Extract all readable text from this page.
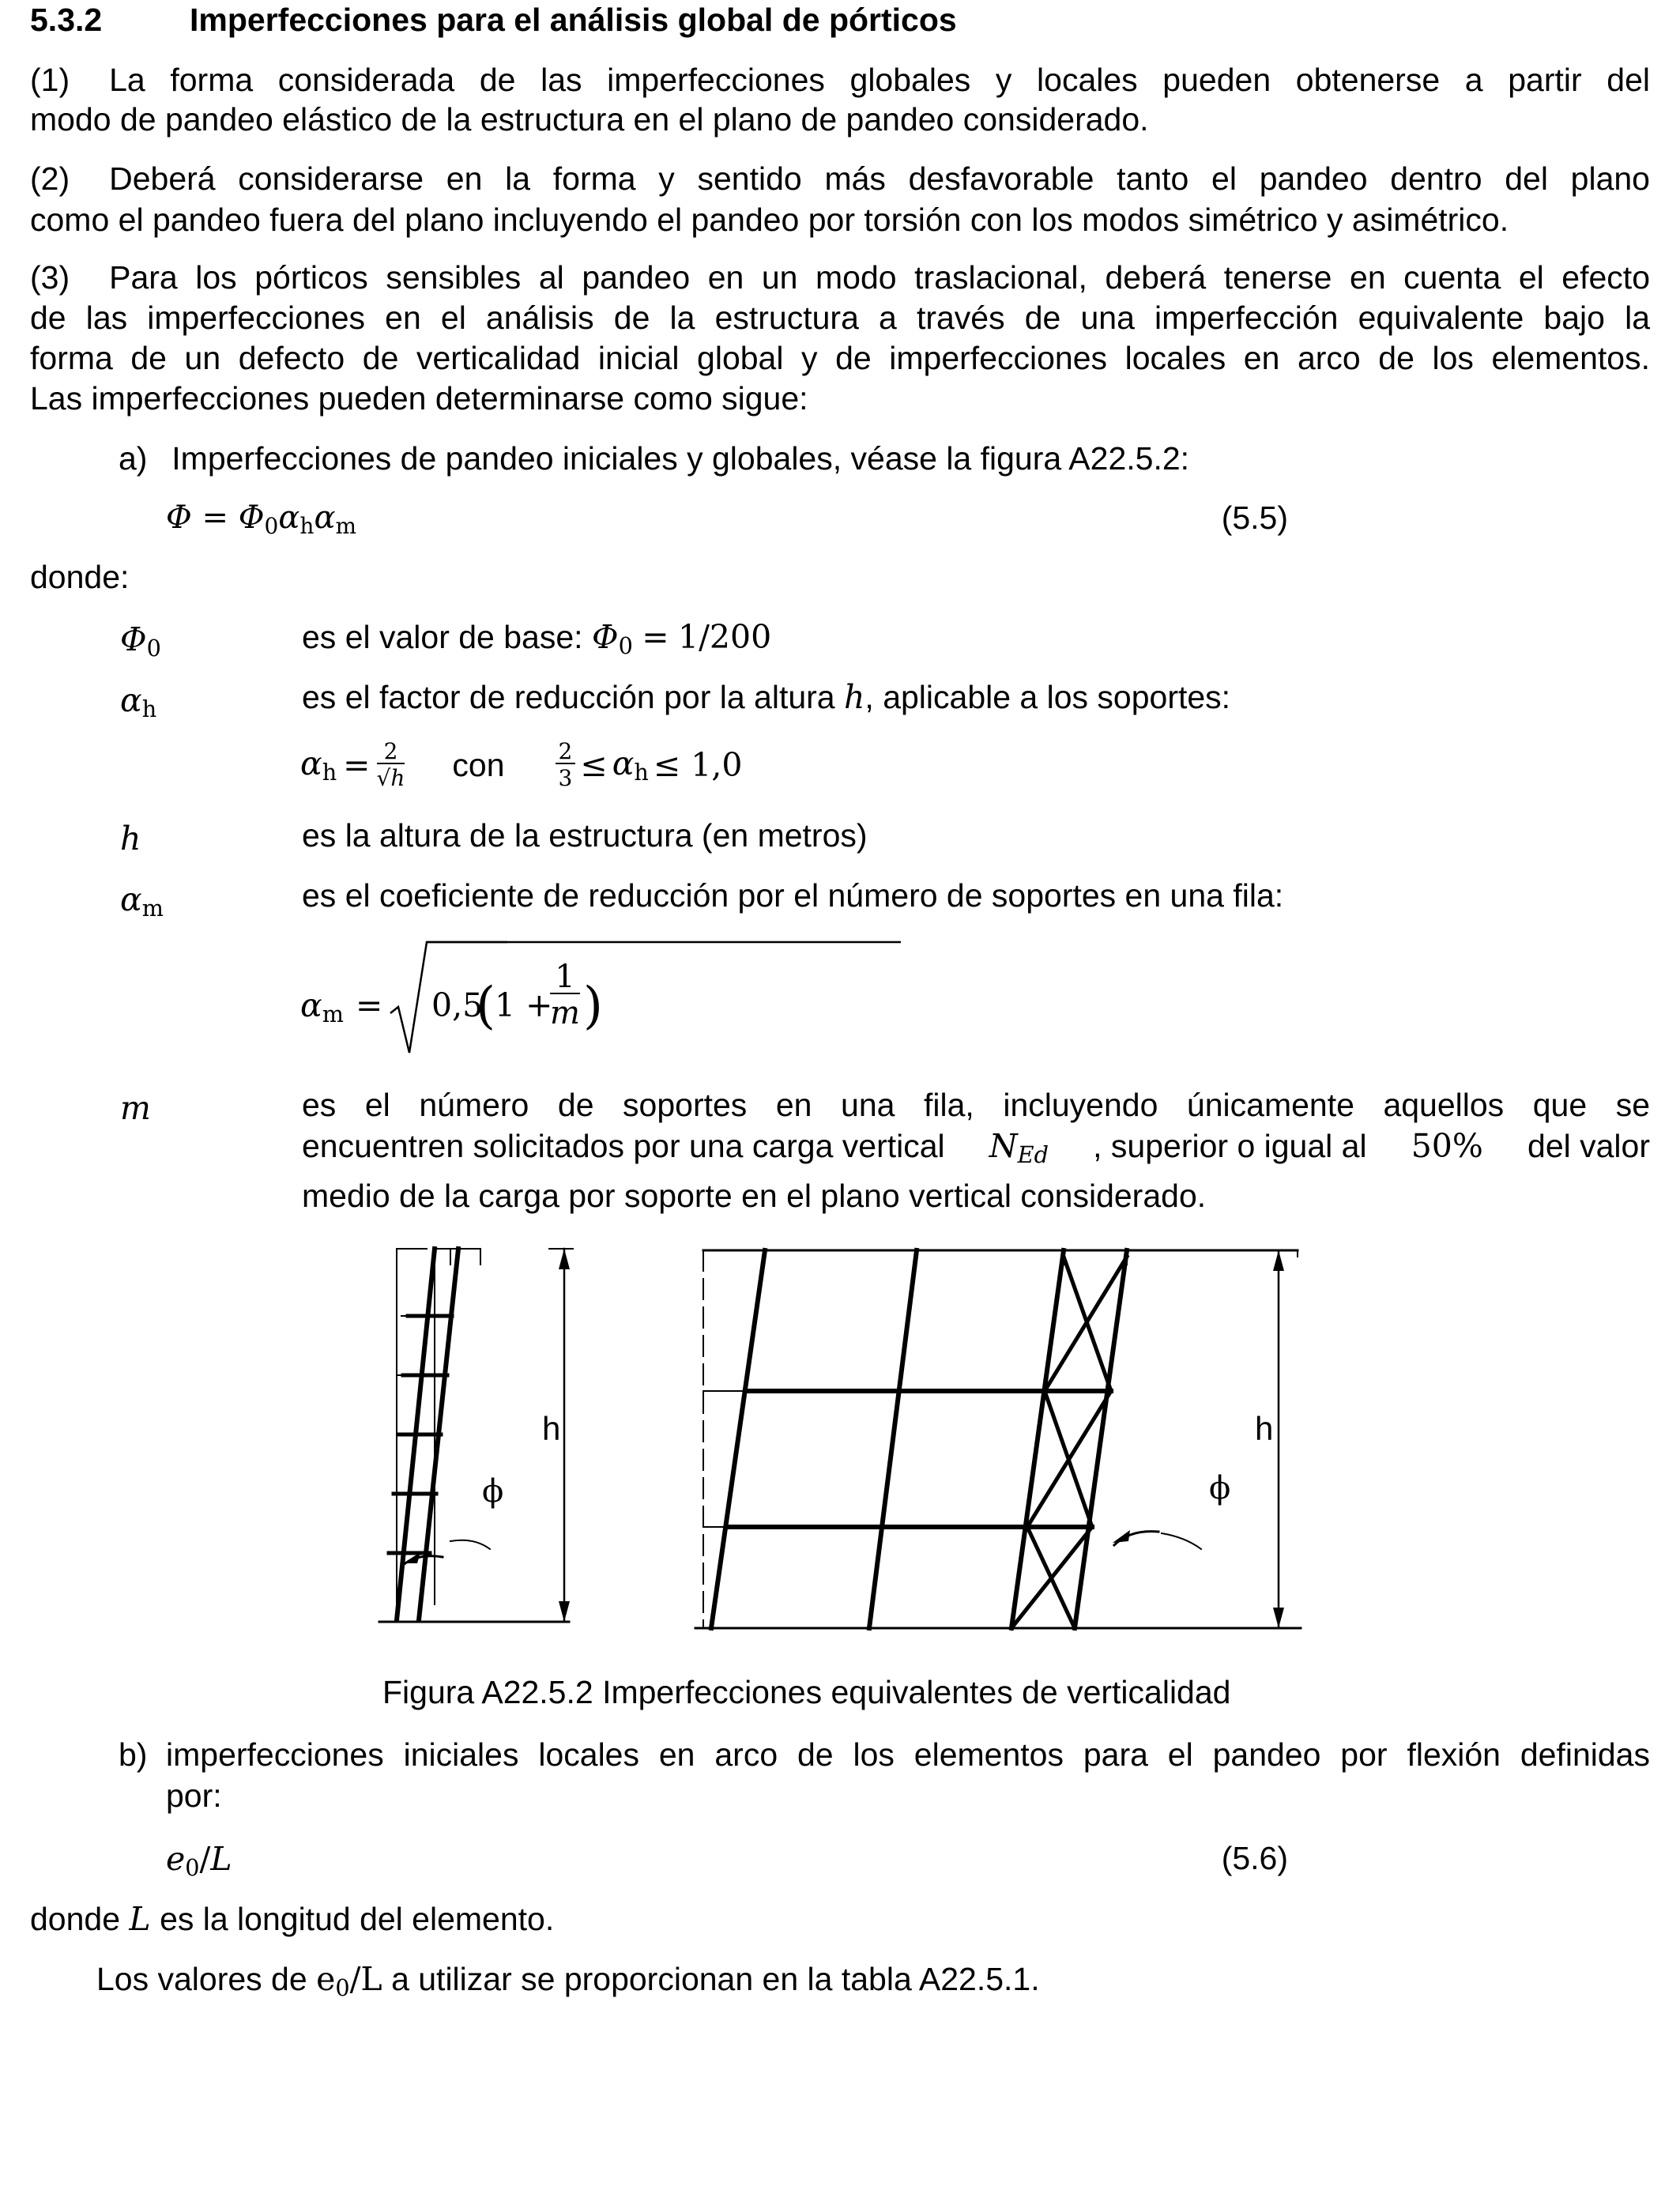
5.3.2	Imperfecciones para el análisis global de pórticos
(1) La forma considerada de las imperfecciones globales y locales pueden obtenerse a partir del
modo de pandeo elástico de la estructura en el plano de pandeo considerado.
(2) Deberá considerarse en la forma y sentido más desfavorable tanto el pandeo dentro del plano
como el pandeo fuera del plano incluyendo el pandeo por torsión con los modos simétrico y asimétrico.
(3) Para los pórticos sensibles al pandeo en un modo traslacional, deberá tenerse en cuenta el efecto
de las imperfecciones en el análisis de la estructura a través de una imperfección equivalente bajo la
forma de un defecto de verticalidad inicial global y de imperfecciones locales en arco de los elementos.
Las imperfecciones pueden determinarse como sigue:
a) Imperfecciones de pandeo iniciales y globales, véase la figura A22.5.2:
$\Phi = \Phi_0\alpha_h\alpha_m$	(5.5)
donde:
$\Phi_0$	es el valor de base: $\Phi_0 = 1/200$
$\alpha_h$	es el factor de reducción por la altura h, aplicable a los soportes:
$\alpha_h = \frac{2}{√h}$ con $\frac{2}{3} \le \alpha_h \le 1,0$
h	es la altura de la estructura (en metros)
$\alpha_m$	es el coeficiente de reducción por el número de soportes en una fila:
$\alpha_m = 0,5$
( 1 +
$\frac{1}{m}$ )
m	es el número de soportes en una fila, incluyendo únicamente aquellos que se
encuentren solicitados por una carga vertical $N_{Ed}$ , superior o igual al 50% del valor
medio de la carga por soporte en el plano vertical considerado.
h
ϕ
h
ϕ
Figura A22.5.2 Imperfecciones equivalentes de verticalidad
b) imperfecciones iniciales locales en arco de los elementos para el pandeo por flexión definidas
por:
$e_0/L$	(5.6)
donde L es la longitud del elemento.
Los valores de $e_0/L$ a utilizar se proporcionan en la tabla A22.5.1.
